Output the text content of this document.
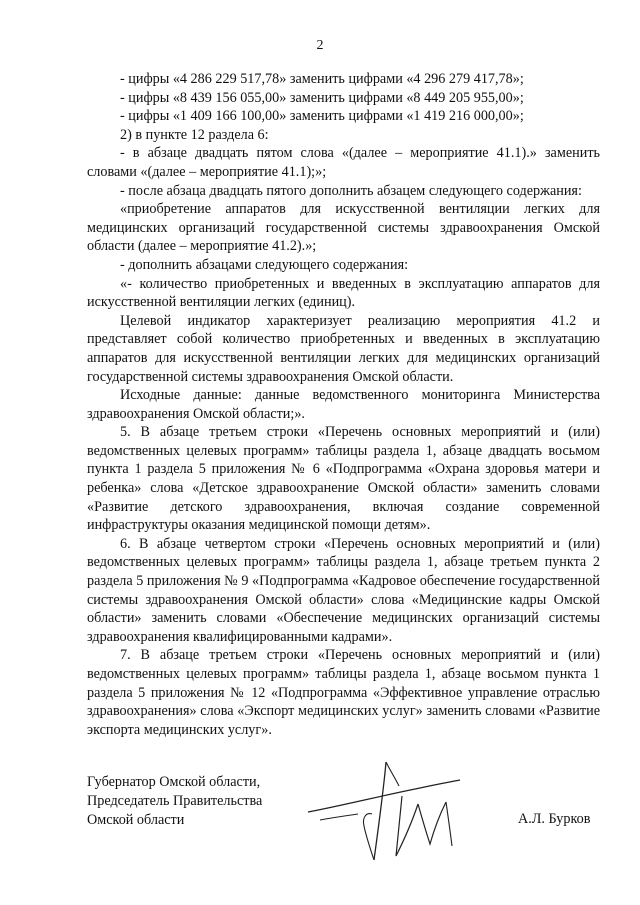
2

- цифры «4 286 229 517,78» заменить цифрами «4 296 279 417,78»;

- цифры «8 439 156 055,00» заменить цифрами «8 449 205 955,00»;

- цифры «1 409 166 100,00» заменить цифрами «1 419 216 000,00»;

2) в пункте 12 раздела 6:

- в абзаце двадцать пятом слова «(далее – мероприятие 41.1).» заменить словами «(далее – мероприятие 41.1);»;

- после абзаца двадцать пятого дополнить абзацем следующего содержания:

«приобретение аппаратов для искусственной вентиляции легких для медицинских организаций государственной системы здравоохранения Омской области (далее – мероприятие 41.2).»;

- дополнить абзацами следующего содержания:

«- количество приобретенных и введенных в эксплуатацию аппаратов для искусственной вентиляции легких (единиц).

Целевой индикатор характеризует реализацию мероприятия 41.2 и представляет собой количество приобретенных и введенных в эксплуатацию аппаратов для искусственной вентиляции легких для медицинских организаций государственной системы здравоохранения Омской области.

Исходные данные: данные ведомственного мониторинга Министерства здравоохранения Омской области;».

5. В абзаце третьем строки «Перечень основных мероприятий и (или) ведомственных целевых программ» таблицы раздела 1, абзаце двадцать восьмом пункта 1 раздела 5 приложения № 6 «Подпрограмма «Охрана здоровья матери и ребенка» слова «Детское здравоохранение Омской области» заменить словами «Развитие детского здравоохранения, включая создание современной инфраструктуры оказания медицинской помощи детям».

6. В абзаце четвертом строки «Перечень основных мероприятий и (или) ведомственных целевых программ» таблицы раздела 1, абзаце третьем пункта 2 раздела 5 приложения № 9 «Подпрограмма «Кадровое обеспечение государственной системы здравоохранения Омской области» слова «Медицинские кадры Омской области» заменить словами «Обеспечение медицинских организаций системы здравоохранения квалифицированными кадрами».

7. В абзаце третьем строки «Перечень основных мероприятий и (или) ведомственных целевых программ» таблицы раздела 1, абзаце восьмом пункта 1 раздела 5 приложения № 12 «Подпрограмма «Эффективное управление отраслью здравоохранения» слова «Экспорт медицинских услуг» заменить словами «Развитие экспорта медицинских услуг».

Губернатор Омской области,
Председатель Правительства
Омской области	А.Л. Бурков
